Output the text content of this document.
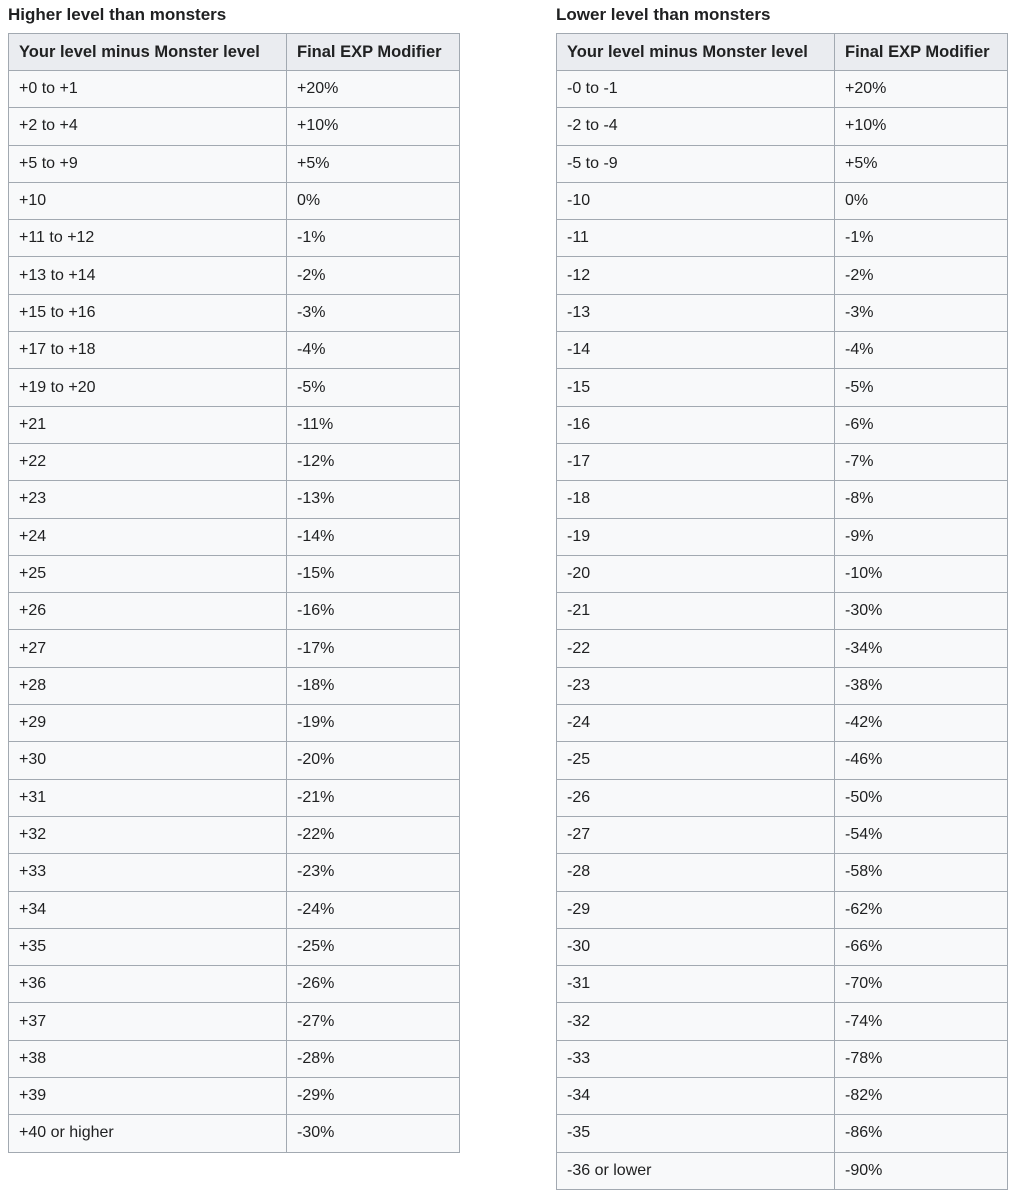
Higher level than monsters
Your level minus Monster level	Final EXP Modifier
+0 to +1	+20%
+2 to +4	+10%
+5 to +9	+5%
+10	0%
+11 to +12	-1%
+13 to +14	-2%
+15 to +16	-3%
+17 to +18	-4%
+19 to +20	-5%
+21	-11%
+22	-12%
+23	-13%
+24	-14%
+25	-15%
+26	-16%
+27	-17%
+28	-18%
+29	-19%
+30	-20%
+31	-21%
+32	-22%
+33	-23%
+34	-24%
+35	-25%
+36	-26%
+37	-27%
+38	-28%
+39	-29%
+40 or higher	-30%
Lower level than monsters
Your level minus Monster level	Final EXP Modifier
-0 to -1	+20%
-2 to -4	+10%
-5 to -9	+5%
-10	0%
-11	-1%
-12	-2%
-13	-3%
-14	-4%
-15	-5%
-16	-6%
-17	-7%
-18	-8%
-19	-9%
-20	-10%
-21	-30%
-22	-34%
-23	-38%
-24	-42%
-25	-46%
-26	-50%
-27	-54%
-28	-58%
-29	-62%
-30	-66%
-31	-70%
-32	-74%
-33	-78%
-34	-82%
-35	-86%
-36 or lower	-90%
